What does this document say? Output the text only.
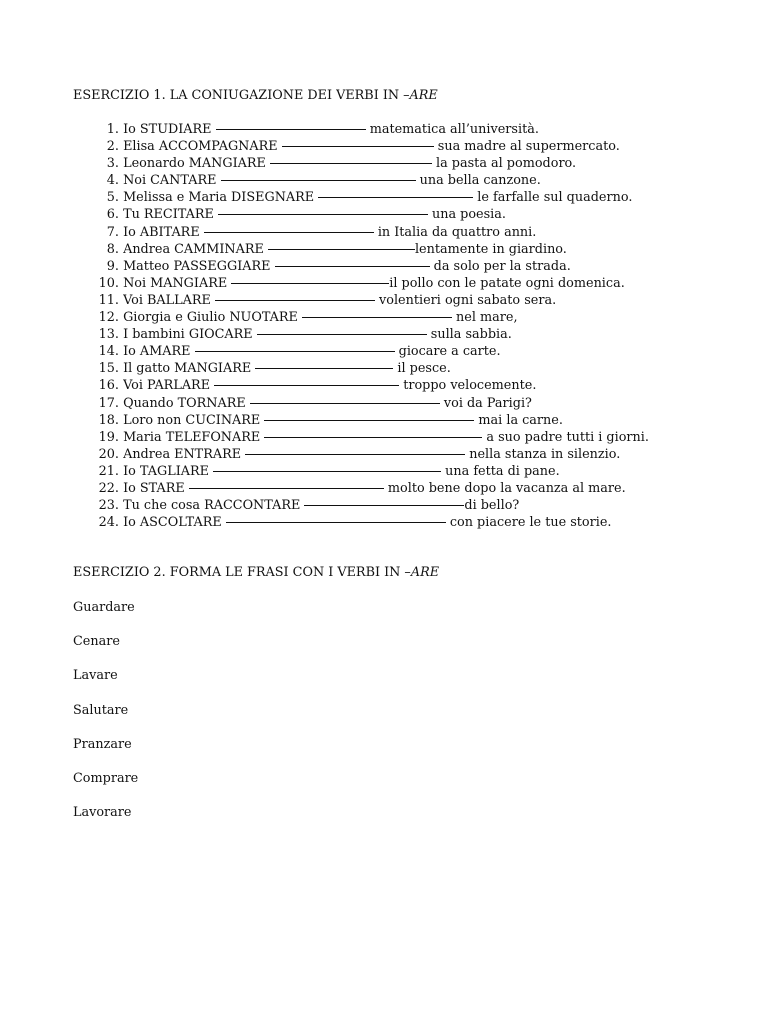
ESERCIZIO 1. LA CONIUGAZIONE DEI VERBI IN –ARE
1. Io STUDIARE	matematica all’università.
2. Elisa ACCOMPAGNARE	sua madre al supermercato.
3. Leonardo MANGIARE	la pasta al pomodoro.
4. Noi CANTARE	una bella canzone.
5. Melissa e Maria DISEGNARE	le farfalle sul quaderno.
6. Tu RECITARE	una poesia.
7. Io ABITARE	in Italia da quattro anni.
8. Andrea CAMMINARE	lentamente in giardino.
9. Matteo PASSEGGIARE	da solo per la strada.
10. Noi MANGIARE	il pollo con le patate ogni domenica.
11. Voi BALLARE	volentieri ogni sabato sera.
12. Giorgia e Giulio NUOTARE	nel mare,
13. I bambini GIOCARE	sulla sabbia.
14. Io AMARE	giocare a carte.
15. Il gatto MANGIARE	il pesce.
16. Voi PARLARE	troppo velocemente.
17. Quando TORNARE	voi da Parigi?
18. Loro non CUCINARE	mai la carne.
19. Maria TELEFONARE	a suo padre tutti i giorni.
20. Andrea ENTRARE	nella stanza in silenzio.
21. Io TAGLIARE	una fetta di pane.
22. Io STARE	molto bene dopo la vacanza al mare.
23. Tu che cosa RACCONTARE	di bello?
24. Io ASCOLTARE	con piacere le tue storie.
ESERCIZIO 2. FORMA LE FRASI CON I VERBI IN –ARE
Guardare
Cenare
Lavare
Salutare
Pranzare
Comprare
Lavorare
